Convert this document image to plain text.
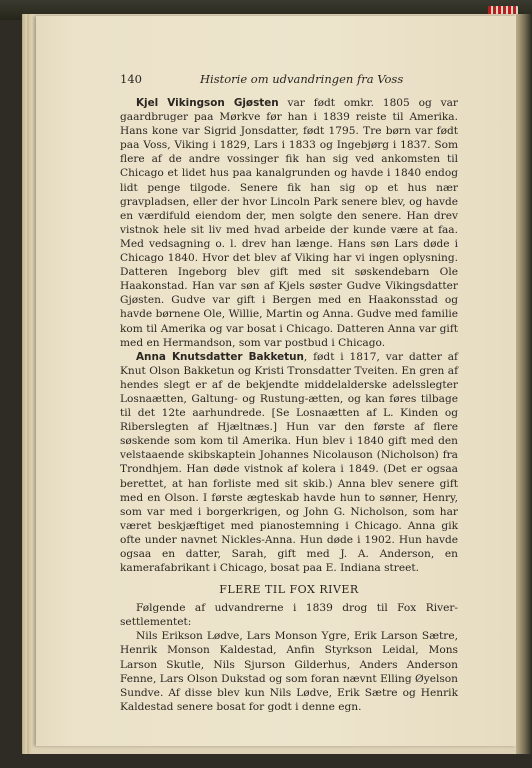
140	Historie om udvandringen fra Voss

Kjel Vikingson Gjøsten var født omkr. 1805 og var gaardbruger paa Mørkve før han i 1839 reiste til Amerika. Hans kone var Sigrid Jonsdatter, født 1795. Tre børn var født paa Voss, Viking i 1829, Lars i 1833 og Ingebjørg i 1837. Som flere af de andre vossinger fik han sig ved ankomsten til Chicago et lidet hus paa kanalgrunden og havde i 1840 endog lidt penge tilgode. Senere fik han sig op et hus nær gravpladsen, eller der hvor Lincoln Park senere blev, og havde en værdifuld eiendom der, men solgte den senere. Han drev vistnok hele sit liv med hvad arbeide der kunde være at faa. Med vedsagning o. l. drev han længe. Hans søn Lars døde i Chicago 1840. Hvor det blev af Viking har vi ingen oplysning. Datteren Ingeborg blev gift med sit søskendebarn Ole Haakonstad. Han var søn af Kjels søster Gudve Vikingsdatter Gjøsten. Gudve var gift i Bergen med en Haakonsstad og havde børnene Ole, Willie, Martin og Anna. Gudve med familie kom til Amerika og var bosat i Chicago. Datteren Anna var gift med en Hermandson, som var postbud i Chicago.

Anna Knutsdatter Bakketun, født i 1817, var datter af Knut Olson Bakketun og Kristi Tronsdatter Tveiten. En gren af hendes slegt er af de bekjendte middelalderske adelsslegter Losnaætten, Galtung- og Rustung-ætten, og kan føres tilbage til det 12te aarhundrede. [Se Losnaætten af L. Kinden og Riberslegten af Hjæltnæs.] Hun var den første af flere søskende som kom til Amerika. Hun blev i 1840 gift med den velstaaende skibskaptein Johannes Nicolauson (Nicholson) fra Trondhjem. Han døde vistnok af kolera i 1849. (Det er ogsaa berettet, at han forliste med sit skib.) Anna blev senere gift med en Olson. I første ægteskab havde hun to sønner, Henry, som var med i borgerkrigen, og John G. Nicholson, som har været beskjæftiget med pianostemning i Chicago. Anna gik ofte under navnet Nickles-Anna. Hun døde i 1902. Hun havde ogsaa en datter, Sarah, gift med J. A. Anderson, en kamerafabrikant i Chicago, bosat paa E. Indiana street.

FLERE TIL FOX RIVER

Følgende af udvandrerne i 1839 drog til Fox River-settlementet:

Nils Erikson Lødve, Lars Monson Ygre, Erik Larson Sætre, Henrik Monson Kaldestad, Anfin Styrkson Leidal, Mons Larson Skutle, Nils Sjurson Gilderhus, Anders Anderson Fenne, Lars Olson Dukstad og som foran nævnt Elling Øyelson Sundve. Af disse blev kun Nils Lødve, Erik Sætre og Henrik Kaldestad senere bosat for godt i denne egn.
